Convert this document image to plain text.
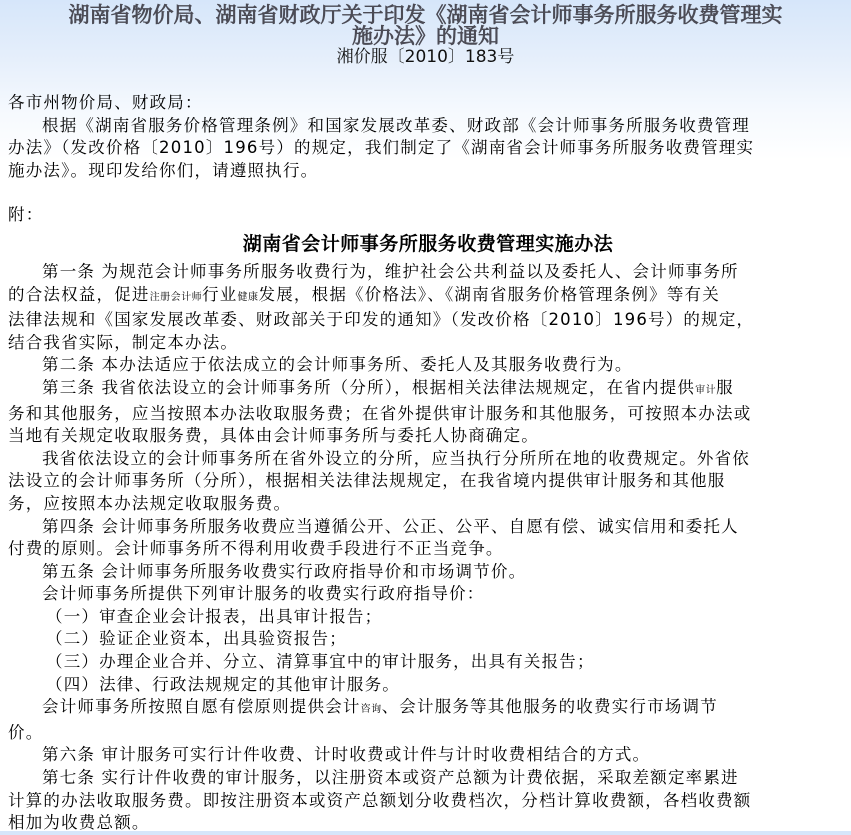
湖南省物价局、湖南省财政厅关于印发《湖南省会计师事务所服务收费管理实
施办法》的通知

湘价服〔2010〕183号

各市州物价局、财政局：
根据《湖南省服务价格管理条例》和国家发展改革委、财政部《会计师事务所服务收费管理
办法》（发改价格〔2010〕196号）的规定，我们制定了《湖南省会计师事务所服务收费管理实
施办法》。现印发给你们，请遵照执行。
附：
湖南省会计师事务所服务收费管理实施办法
第一条 为规范会计师事务所服务收费行为，维护社会公共利益以及委托人、会计师事务所
的合法权益，促进注册会计师行业健康发展，根据《价格法》、《湖南省服务价格管理条例》等有关
法律法规和《国家发展改革委、财政部关于印发的通知》（发改价格〔2010〕196号）的规定，
结合我省实际，制定本办法。
第二条 本办法适应于依法成立的会计师事务所、委托人及其服务收费行为。
第三条 我省依法设立的会计师事务所（分所），根据相关法律法规规定，在省内提供审计服
务和其他服务，应当按照本办法收取服务费；在省外提供审计服务和其他服务，可按照本办法或
当地有关规定收取服务费，具体由会计师事务所与委托人协商确定。
我省依法设立的会计师事务所在省外设立的分所，应当执行分所所在地的收费规定。外省依
法设立的会计师事务所（分所），根据相关法律法规规定，在我省境内提供审计服务和其他服
务，应按照本办法规定收取服务费。
第四条 会计师事务所服务收费应当遵循公开、公正、公平、自愿有偿、诚实信用和委托人
付费的原则。会计师事务所不得利用收费手段进行不正当竞争。
第五条 会计师事务所服务收费实行政府指导价和市场调节价。
会计师事务所提供下列审计服务的收费实行政府指导价：
（一）审查企业会计报表，出具审计报告；
（二）验证企业资本，出具验资报告；
（三）办理企业合并、分立、清算事宜中的审计服务，出具有关报告；
（四）法律、行政法规规定的其他审计服务。
会计师事务所按照自愿有偿原则提供会计咨询、会计服务等其他服务的收费实行市场调节
价。
第六条 审计服务可实行计件收费、计时收费或计件与计时收费相结合的方式。
第七条 实行计件收费的审计服务，以注册资本或资产总额为计费依据，采取差额定率累进
计算的办法收取服务费。即按注册资本或资产总额划分收费档次，分档计算收费额，各档收费额
相加为收费总额。
